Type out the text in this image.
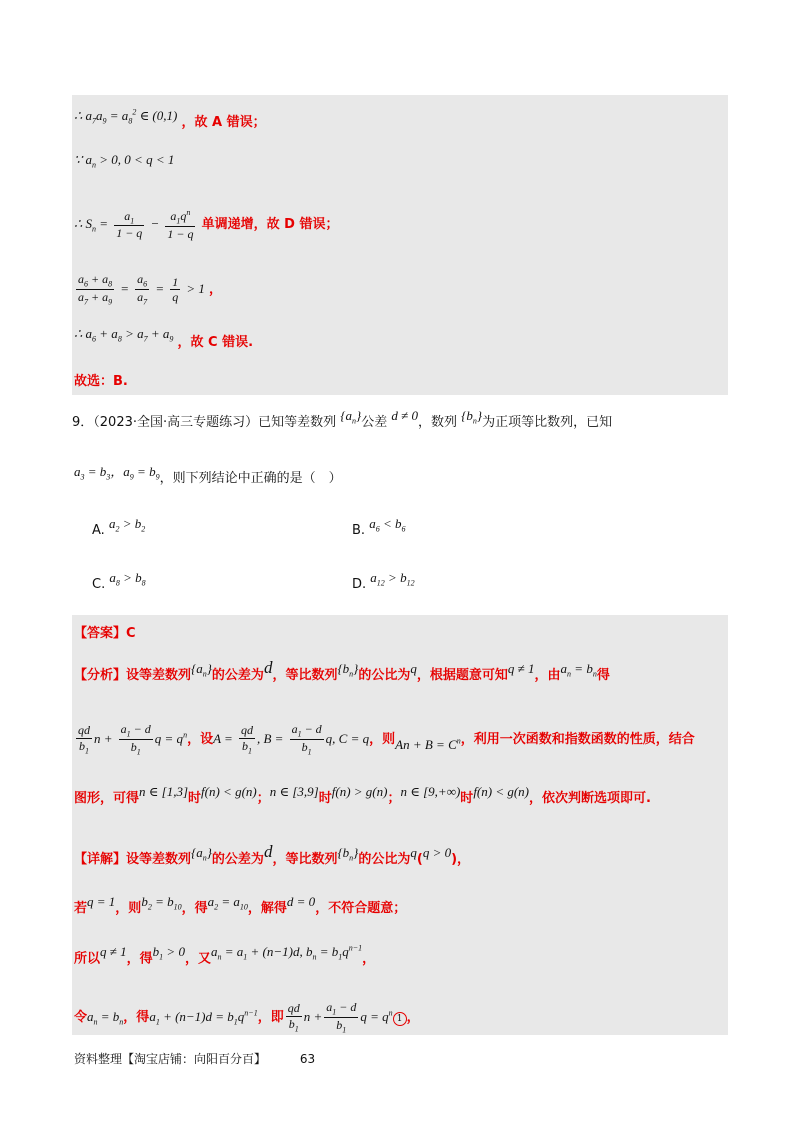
∴ $a_7a_9 = a_8^2$ ∈ (0,1) ，故 A 错误；
∵ $a_n > 0$, 0 < q < 1
∴ $S_n = \frac{a_1}{1 - q} - \frac{a_1q^n}{1 - q}$ 单调递增，故 D 错误；
$\frac{a_6 + a_8}{a_7 + a_9} = \frac{a_6}{a_7} = \frac{1}{q} > 1$ ，
∴ $a_6 + a_8 > a_7 + a_9$ ，故 C 错误.
故选：B.
9．（2023·全国·高三专题练习）已知等差数列 $\{a_n\}$公差 d ≠ 0，数列 $\{b_n\}$为正项等比数列，已知
$a_3 = b_3$，$a_9 = b_9$，则下列结论中正确的是（　）
A. $a_2 > b_2$	B. $a_6 < b_6$
C. $a_8 > b_8$	D. $a_{12} > b_{12}$
【答案】C
【分析】设等差数列$\{a_n\}$的公差为d，等比数列$\{b_n\}$的公比为q，根据题意可知q ≠ 1，由$a_n = b_n$得
$\frac{qd}{b_1}$ $n + \frac{a_1 - d}{b_1}$ $q = q^n$，设$A = \frac{qd}{b_1}$ , $B = \frac{a_1 - d}{b_1} q$, C = q，则$An + B = C^n$，利用一次函数和指数函数的性质，结合
图形，可得n ∈ [1,3]时f(n) < g(n)；n ∈ [3,9]时f(n) > g(n)；n ∈ [9,+∞)时f(n) < g(n)，依次判断选项即可.
【详解】设等差数列$\{a_n\}$的公差为d，等比数列$\{b_n\}$的公比为q(q > 0)，
若q = 1，则$b_2 = b_{10}$，得$a_2 = a_{10}$，解得d = 0，不符合题意；
所以q ≠ 1，得$b_1 > 0$，又$a_n = a_1 + (n-1)d$, $b_n = b_1q^{n-1}$，
令$a_n = b_n$，得$a_1 + (n-1)d = b_1q^{n-1}$，即 $\frac{qd}{b_1}$ $n + \frac{a_1 - d}{b_1}$ $q = q^n1$ ，
资料整理【淘宝店铺：向阳百分百】	63
